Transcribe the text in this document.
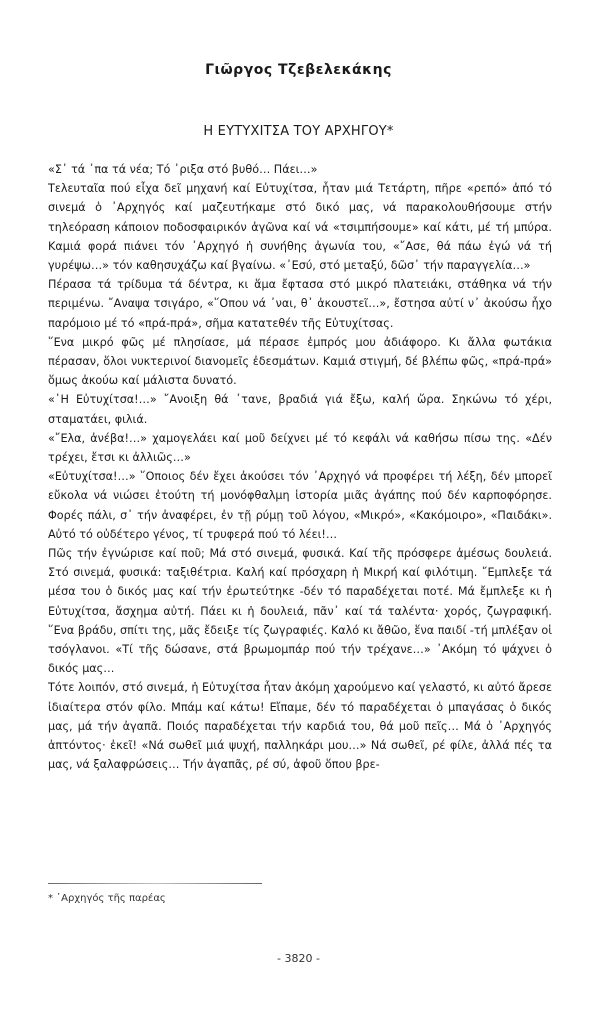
Γιῶργος Τζεβελεκάκης
Η ΕΥΤΥΧΙΤΣΑ ΤΟΥ ΑΡΧΗΓΟΥ*

«Σ᾽ τά ᾽πα τά νέα; Τό ᾽ριξα στό βυθό… Πάει…»

Τελευταῖα πού εἶχα δεῖ μηχανή καί Εὐτυχίτσα, ἦταν μιά Τετάρτη, πῆρε «ρεπό» ἀπό τό σινεμά ὁ ᾽Αρχηγός καί μαζευτήκαμε στό δικό μας, νά παρακολουθήσουμε στήν τηλεόραση κάποιον ποδοσφαιρικόν ἀγῶνα καί νά «τσιμπήσουμε» καί κάτι, μέ τή μπύρα. Καμιά φορά πιάνει τόν ᾽Αρχηγό ἡ συνήθης ἀγωνία του, «῎Ασε, θά πάω ἐγώ νά τή γυρέψω…» τόν καθησυχάζω καί βγαίνω. «᾽Εσύ, στό μεταξύ, δῶσ᾽ τήν παραγγελία…»

Πέρασα τά τρίδυμα τά δέντρα, κι ἅμα ἔφτασα στό μικρό πλατειάκι, στάθηκα νά τήν περιμένω. ῎Αναψα τσιγάρο, «῞Οπου νά ᾽ναι, θ᾽ ἀκουστεῖ…», ἔστησα αὐτί ν᾽ ἀκούσω ἦχο παρόμοιο μέ τό «πρά-πρά», σῆμα κατατεθέν τῆς Εὐτυχίτσας.

῞Ενα μικρό φῶς μέ πλησίασε, μά πέρασε ἐμπρός μου ἀδιάφορο. Κι ἄλλα φωτάκια πέρασαν, ὅλοι νυκτερινοί διανομεῖς ἐδεσμάτων. Καμιά στιγμή, δέ βλέπω φῶς, «πρά-πρά» ὅμως ἀκούω καί μάλιστα δυνατό.

«῾Η Εὐτυχίτσα!…» ῎Ανοιξη θά ᾽τανε, βραδιά γιά ἔξω, καλή ὥρα. Σηκώνω τό χέρι, σταματάει, φιλιά.

«῎Ελα, ἀνέβα!…» χαμογελάει καί μοῦ δείχνει μέ τό κεφάλι νά καθήσω πίσω της. «Δέν τρέχει, ἔτσι κι ἀλλιῶς…»

«Εὐτυχίτσα!…» ῞Οποιος δέν ἔχει ἀκούσει τόν ᾽Αρχηγό νά προφέρει τή λέξη, δέν μπορεῖ εὔκολα νά νιώσει ἐτούτη τή μονόφθαλμη ἱστορία μιᾶς ἀγάπης πού δέν καρποφόρησε. Φορές πάλι, σ᾽ τήν ἀναφέρει, ἐν τῇ ρύμῃ τοῦ λόγου, «Μικρό», «Κακόμοιρο», «Παιδάκι». Αὐτό τό οὐδέτερο γένος, τί τρυφερά πού τό λέει!…

Πῶς τήν ἐγνώρισε καί ποῦ; Μά στό σινεμά, φυσικά. Καί τῆς πρόσφερε ἀμέσως δουλειά. Στό σινεμά, φυσικά: ταξιθέτρια. Καλή καί πρόσχαρη ἡ Μικρή καί φιλότιμη. ῎Εμπλεξε τά μέσα του ὁ δικός μας καί τήν ἐρωτεύτηκε -δέν τό παραδέχεται ποτέ. Μά ἔμπλεξε κι ἡ Εὐτυχίτσα, ἄσχημα αὐτή. Πάει κι ἡ δουλειά, πᾶν᾽ καί τά ταλέντα· χορός, ζωγραφική. ῞Ενα βράδυ, σπίτι της, μᾶς ἔδειξε τίς ζωγραφιές. Καλό κι ἄθῶο, ἕνα παιδί -τή μπλέξαν οἱ τσόγλανοι. «Τί τῆς δώσανε, στά βρωμομπάρ πού τήν τρέχανε…» ᾽Ακόμη τό ψάχνει ὁ δικός μας…

Τότε λοιπόν, στό σινεμά, ἡ Εὐτυχίτσα ἦταν ἀκόμη χαρούμενο καί γελαστό, κι αὐτό ἄρεσε ἰδιαίτερα στόν φίλο. Μπάμ καί κάτω! Εἴπαμε, δέν τό παραδέχεται ὁ μπαγάσας ὁ δικός μας, μά τήν ἀγαπᾶ. Ποιός παραδέχεται τήν καρδιά του, θά μοῦ πεῖς… Μά ὁ ᾽Αρχηγός ἀπτόντος· ἐκεῖ! «Νά σωθεῖ μιά ψυχή, παλληκάρι μου…» Νά σωθεῖ, ρέ φίλε, ἀλλά πές τα μας, νά ξαλαφρώσεις… Τήν ἀγαπᾶς, ρέ σύ, ἀφοῦ ὅπου βρε-

* ᾽Αρχηγός τῆς παρέας
- 3820 -
